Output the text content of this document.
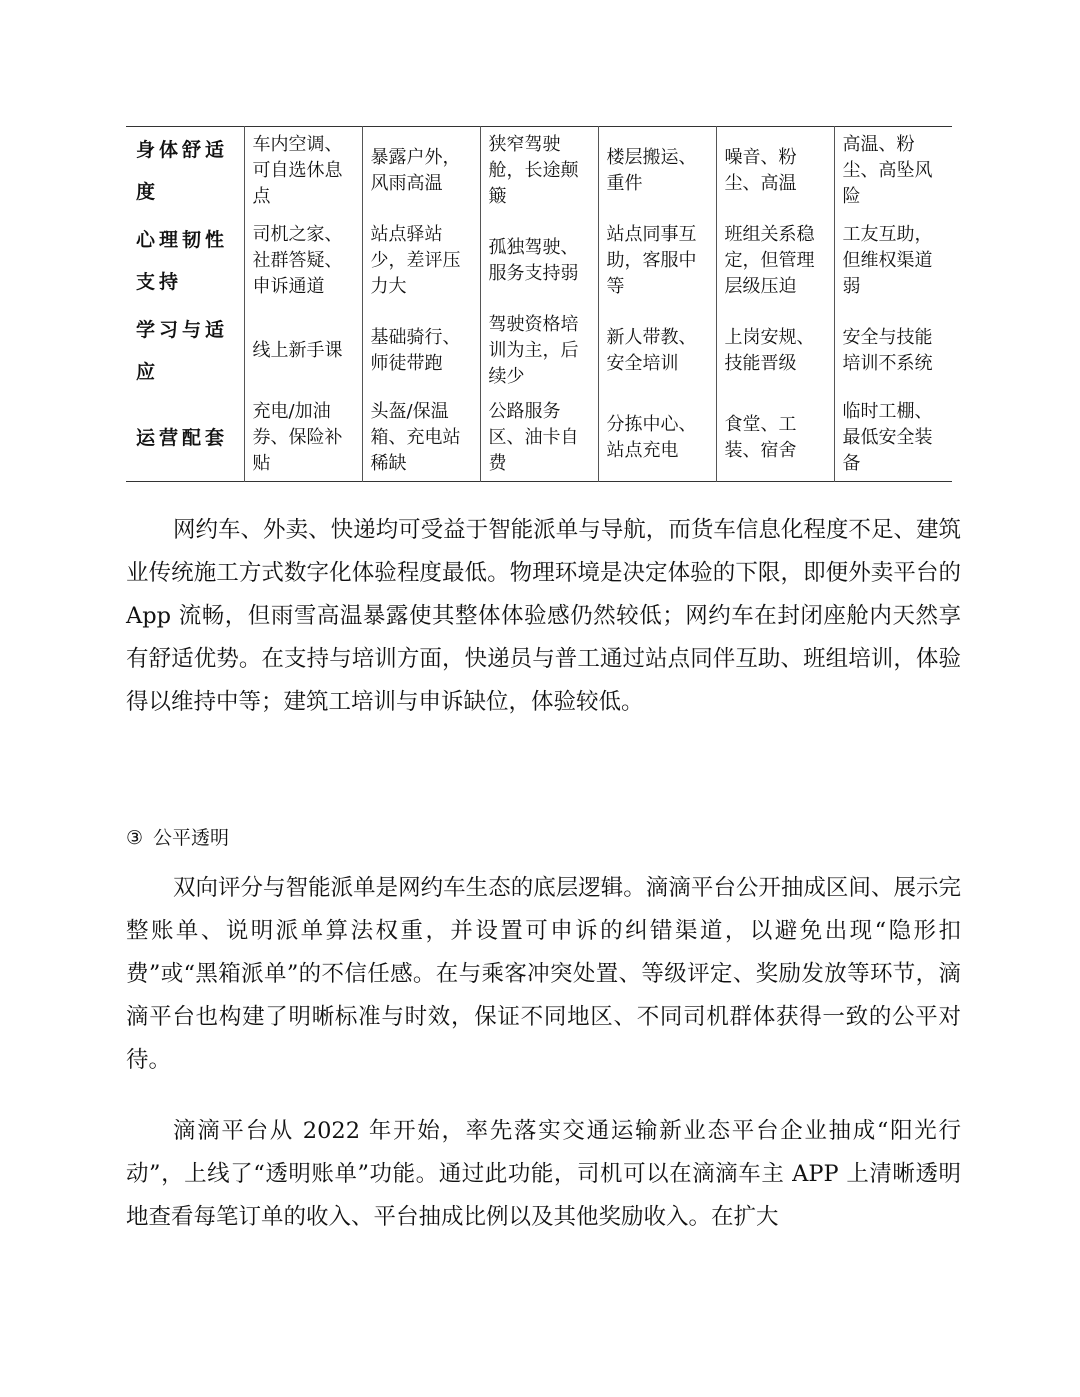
身体舒适度	车内空调、可自选休息点	暴露户外，风雨高温	狭窄驾驶舱，长途颠簸	楼层搬运、重件	噪音、粉尘、高温	高温、粉尘、高坠风险
心理韧性支持	司机之家、社群答疑、申诉通道	站点驿站少，差评压力大	孤独驾驶、服务支持弱	站点同事互助，客服中等	班组关系稳定，但管理层级压迫	工友互助，但维权渠道弱
学习与适应	线上新手课	基础骑行、师徒带跑	驾驶资格培训为主，后续少	新人带教、安全培训	上岗安规、技能晋级	安全与技能培训不系统
运营配套	充电/加油券、保险补贴	头盔/保温箱、充电站稀缺	公路服务区、油卡自费	分拣中心、站点充电	食堂、工装、宿舍	临时工棚、最低安全装备

网约车、外卖、快递均可受益于智能派单与导航，而货车信息化程度不足、建筑业传统施工方式数字化体验程度最低。物理环境是决定体验的下限，即便外卖平台的 App 流畅，但雨雪高温暴露使其整体体验感仍然较低；网约车在封闭座舱内天然享有舒适优势。在支持与培训方面，快递员与普工通过站点同伴互助、班组培训，体验得以维持中等；建筑工培训与申诉缺位，体验较低。

③ 公平透明

双向评分与智能派单是网约车生态的底层逻辑。滴滴平台公开抽成区间、展示完整账单、说明派单算法权重，并设置可申诉的纠错渠道，以避免出现“隐形扣费”或“黑箱派单”的不信任感。在与乘客冲突处置、等级评定、奖励发放等环节，滴滴平台也构建了明晰标准与时效，保证不同地区、不同司机群体获得一致的公平对待。

滴滴平台从 2022 年开始，率先落实交通运输新业态平台企业抽成“阳光行动”，上线了“透明账单”功能。通过此功能，司机可以在滴滴车主 APP 上清晰透明地查看每笔订单的收入、平台抽成比例以及其他奖励收入。在扩大
